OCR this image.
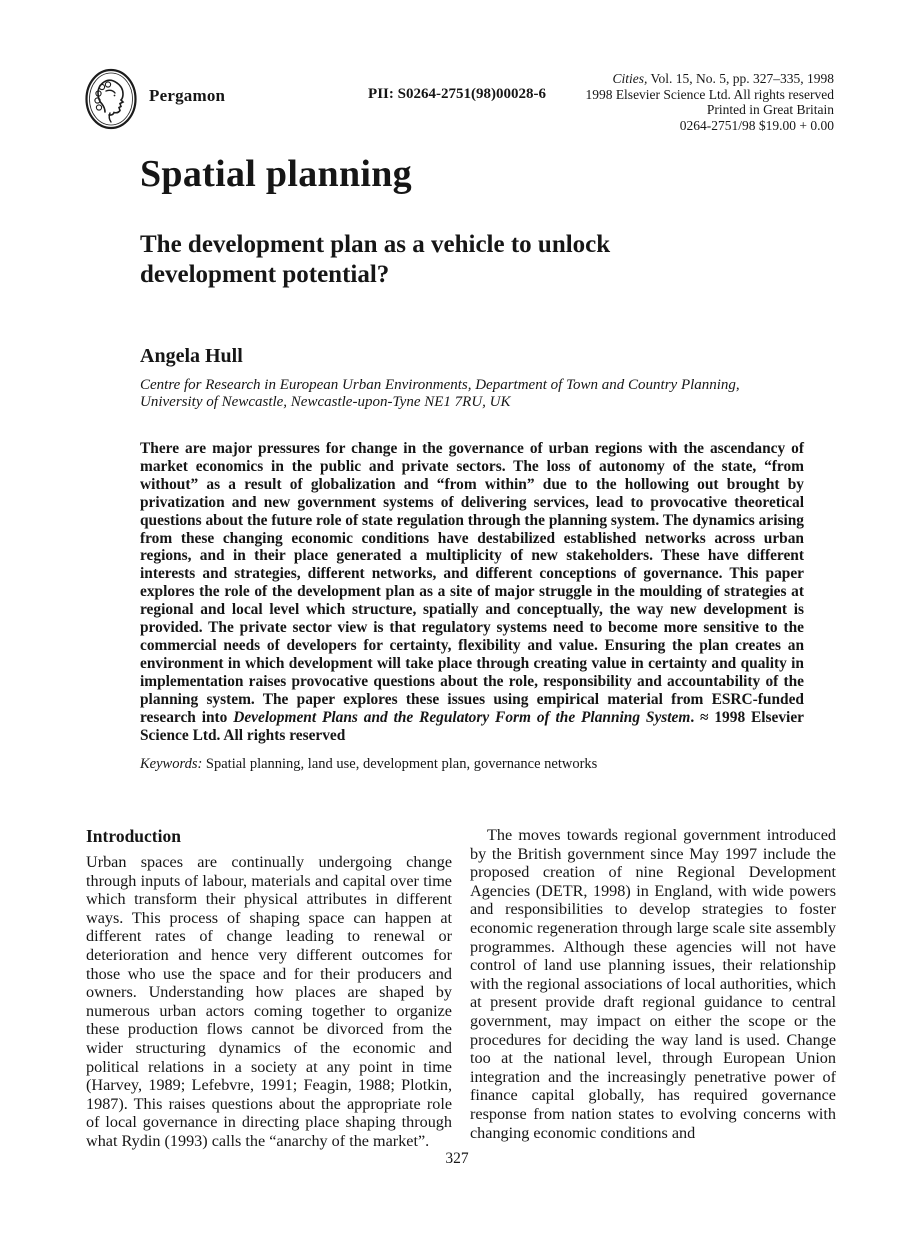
Pergamon	PII: S0264-2751(98)00028-6
Cities, Vol. 15, No. 5, pp. 327–335, 1998
1998 Elsevier Science Ltd. All rights reserved
Printed in Great Britain
0264-2751/98 $19.00 + 0.00
Spatial planning
The development plan as a vehicle to unlock development potential?
Angela Hull
Centre for Research in European Urban Environments, Department of Town and Country Planning,
University of Newcastle, Newcastle-upon-Tyne NE1 7RU, UK
There are major pressures for change in the governance of urban regions with the ascendancy of market economics in the public and private sectors. The loss of autonomy of the state, “from without” as a result of globalization and “from within” due to the hollowing out brought by privatization and new government systems of delivering services, lead to provocative theoretical questions about the future role of state regulation through the planning system. The dynamics arising from these changing economic conditions have destabilized established networks across urban regions, and in their place generated a multiplicity of new stakeholders. These have different interests and strategies, different networks, and different conceptions of governance. This paper explores the role of the development plan as a site of major struggle in the moulding of strategies at regional and local level which structure, spatially and conceptually, the way new development is provided. The private sector view is that regulatory systems need to become more sensitive to the commercial needs of developers for certainty, flexibility and value. Ensuring the plan creates an environment in which development will take place through creating value in certainty and quality in implementation raises provocative questions about the role, responsibility and accountability of the planning system. The paper explores these issues using empirical material from ESRC-funded research into Development Plans and the Regulatory Form of the Planning System. ≈ 1998 Elsevier Science Ltd. All rights reserved
Keywords: Spatial planning, land use, development plan, governance networks
Introduction

Urban spaces are continually undergoing change through inputs of labour, materials and capital over time which transform their physical attributes in different ways. This process of shaping space can happen at different rates of change leading to renewal or deterioration and hence very different outcomes for those who use the space and for their producers and owners. Understanding how places are shaped by numerous urban actors coming together to organize these production flows cannot be divorced from the wider structuring dynamics of the economic and political relations in a society at any point in time (Harvey, 1989; Lefebvre, 1991; Feagin, 1988; Plotkin, 1987). This raises questions about the appropriate role of local governance in directing place shaping through what Rydin (1993) calls the “anarchy of the market”.

The moves towards regional government introduced by the British government since May 1997 include the proposed creation of nine Regional Development Agencies (DETR, 1998) in England, with wide powers and responsibilities to develop strategies to foster economic regeneration through large scale site assembly programmes. Although these agencies will not have control of land use planning issues, their relationship with the regional associations of local authorities, which at present provide draft regional guidance to central government, may impact on either the scope or the procedures for deciding the way land is used. Change too at the national level, through European Union integration and the increasingly penetrative power of finance capital globally, has required governance response from nation states to evolving concerns with changing economic conditions and

327
